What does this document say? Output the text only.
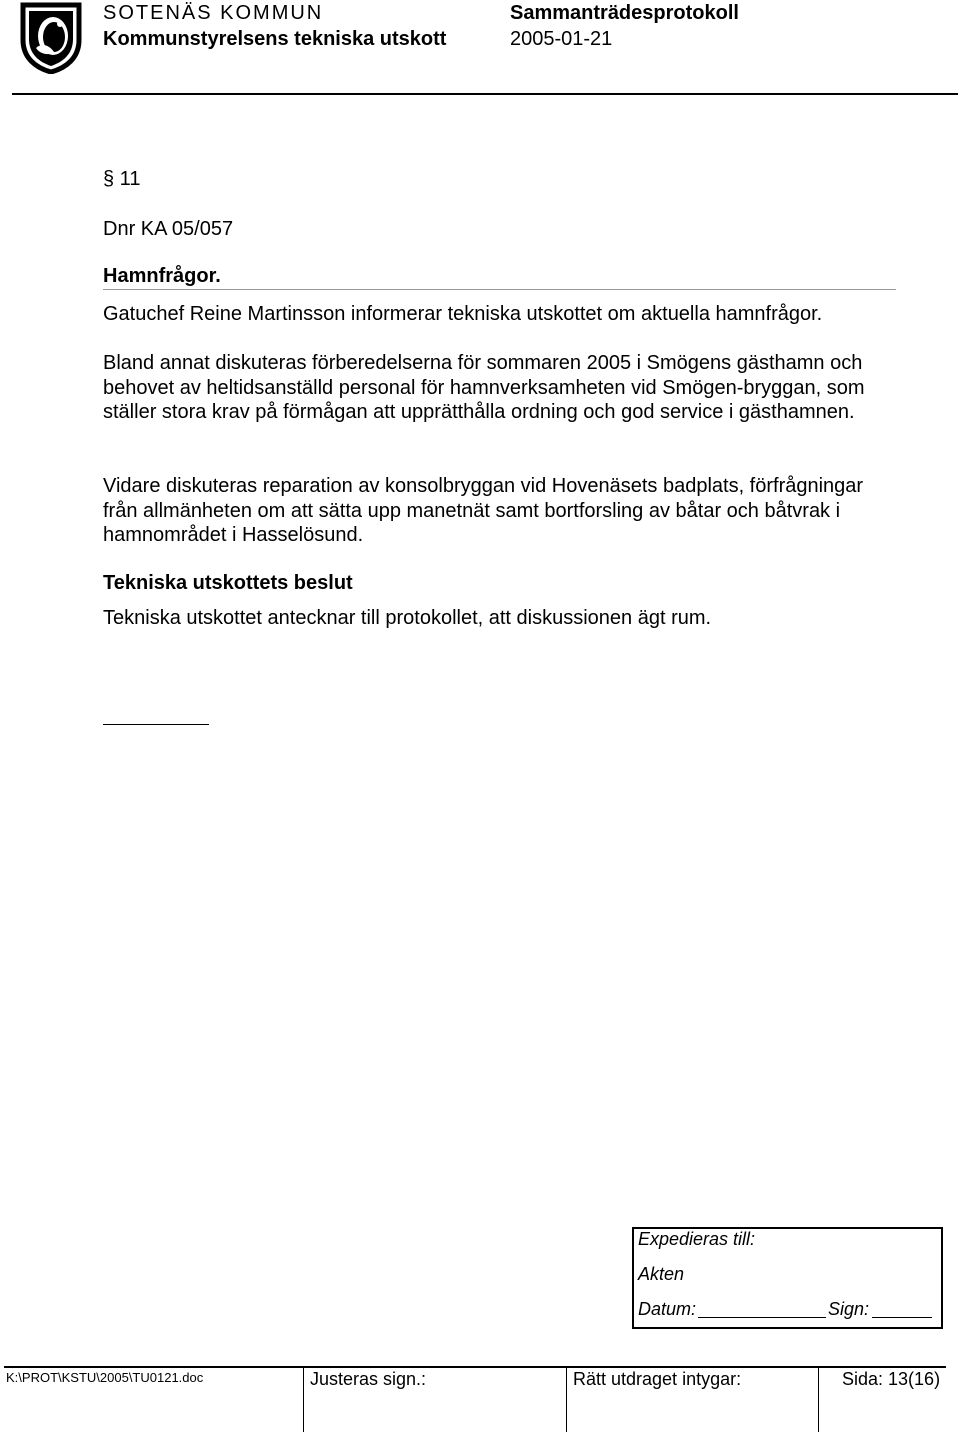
SOTENÄS KOMMUN
Kommunstyrelsens tekniska utskott
Sammanträdesprotokoll
2005-01-21
§ 11
Dnr KA 05/057
Hamnfrågor.
Gatuchef Reine Martinsson informerar tekniska utskottet om aktuella hamnfrågor.
Bland annat diskuteras förberedelserna för sommaren 2005 i Smögens gästhamn och behovet av heltidsanställd personal för hamnverksamheten vid Smögen-bryggan, som ställer stora krav på förmågan att upprätthålla ordning och god service i gästhamnen.
Vidare diskuteras reparation av konsolbryggan vid Hovenäsets badplats, förfrågningar från allmänheten om att sätta upp manetnät samt bortforsling av båtar och båtvrak i hamnområdet i Hasselösund.
Tekniska utskottets beslut
Tekniska utskottet antecknar till protokollet, att diskussionen ägt rum.
Expedieras till:
Akten
Datum:	Sign:
K:\PROT\KSTU\2005\TU0121.doc	Justeras sign.:	Rätt utdraget intygar:	Sida: 13(16)
